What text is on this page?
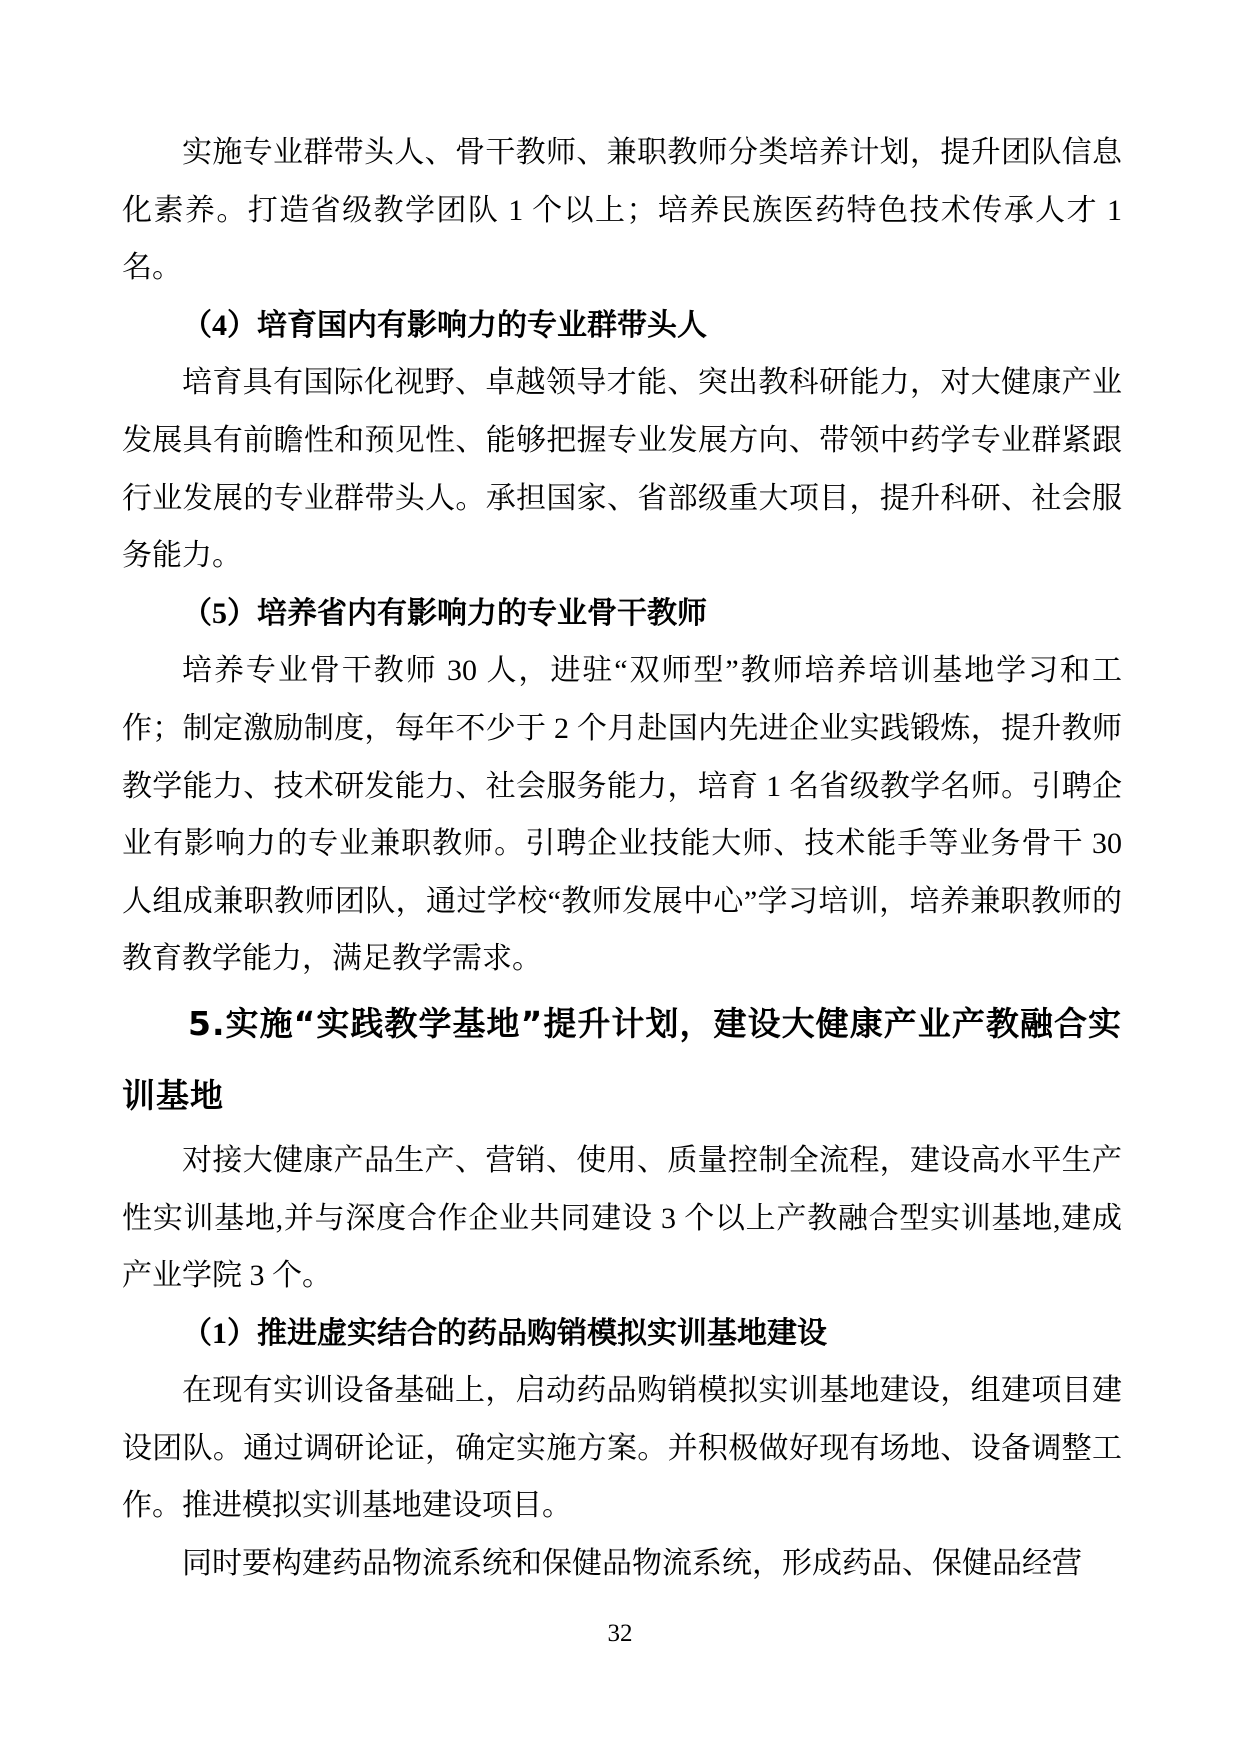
实施专业群带头人、骨干教师、兼职教师分类培养计划，提升团队信息化素养。打造省级教学团队 1 个以上；培养民族医药特色技术传承人才 1 名。

（4）培育国内有影响力的专业群带头人

培育具有国际化视野、卓越领导才能、突出教科研能力，对大健康产业发展具有前瞻性和预见性、能够把握专业发展方向、带领中药学专业群紧跟行业发展的专业群带头人。承担国家、省部级重大项目，提升科研、社会服务能力。

（5）培养省内有影响力的专业骨干教师

培养专业骨干教师 30 人，进驻“双师型”教师培养培训基地学习和工作；制定激励制度，每年不少于 2 个月赴国内先进企业实践锻炼，提升教师教学能力、技术研发能力、社会服务能力，培育 1 名省级教学名师。引聘企业有影响力的专业兼职教师。引聘企业技能大师、技术能手等业务骨干 30 人组成兼职教师团队，通过学校“教师发展中心”学习培训，培养兼职教师的教育教学能力，满足教学需求。

5.实施“实践教学基地”提升计划，建设大健康产业产教融合实训基地

对接大健康产品生产、营销、使用、质量控制全流程，建设高水平生产性实训基地,并与深度合作企业共同建设 3 个以上产教融合型实训基地,建成产业学院 3 个。

（1）推进虚实结合的药品购销模拟实训基地建设

在现有实训设备基础上，启动药品购销模拟实训基地建设，组建项目建设团队。通过调研论证，确定实施方案。并积极做好现有场地、设备调整工作。推进模拟实训基地建设项目。

同时要构建药品物流系统和保健品物流系统，形成药品、保健品经营

32
